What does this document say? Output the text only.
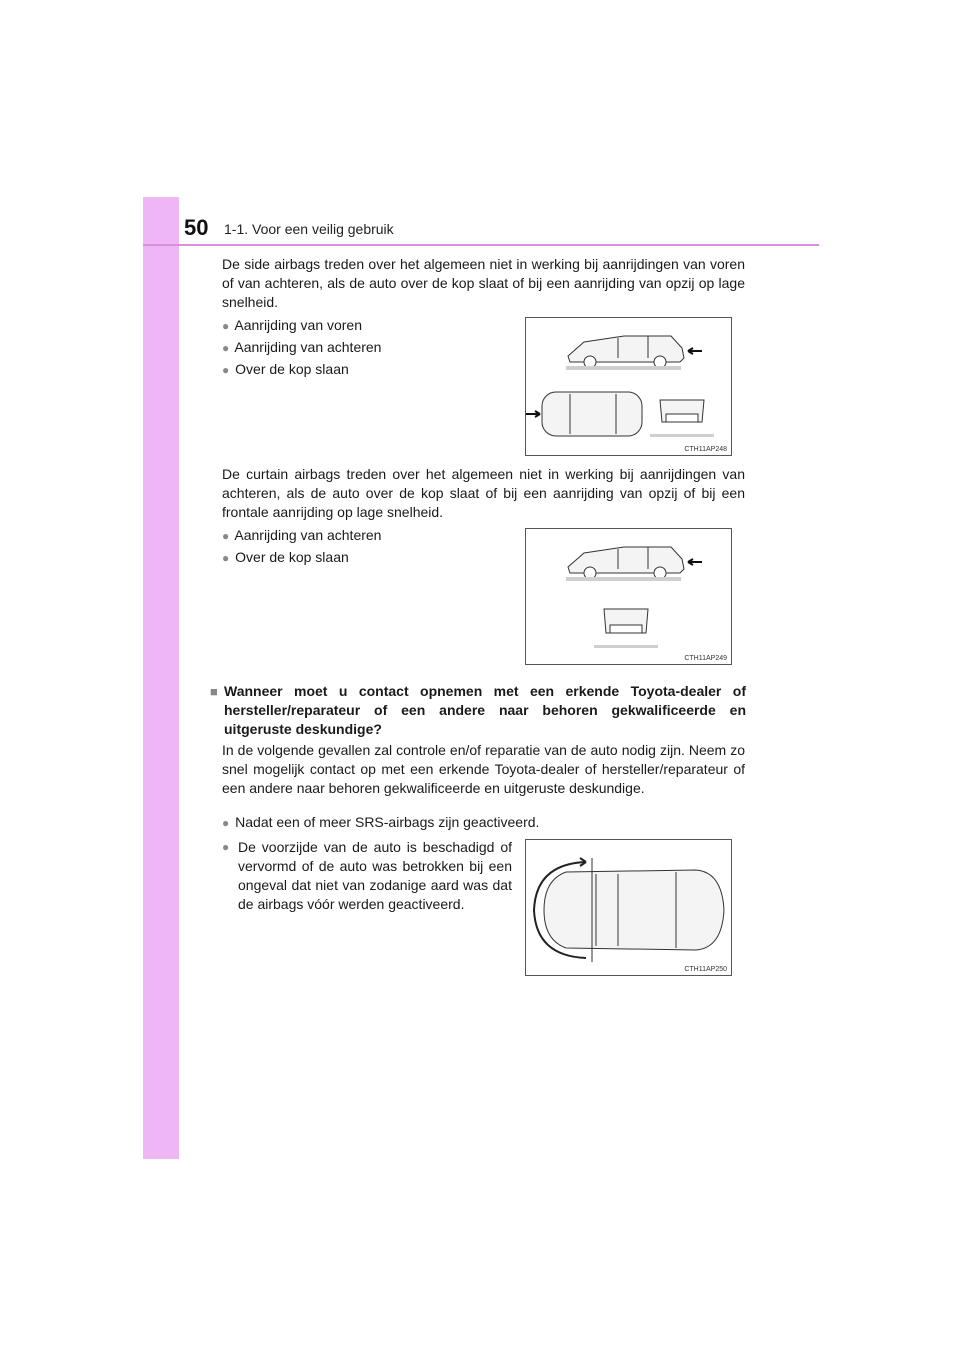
50 1-1. Voor een veilig gebruik

De side airbags treden over het algemeen niet in werking bij aanrijdingen van voren of van achteren, als de auto over de kop slaat of bij een aanrijding van opzij op lage snelheid.

● Aanrijding van voren
● Aanrijding van achteren
● Over de kop slaan
CTH11AP248

De curtain airbags treden over het algemeen niet in werking bij aanrijdingen van achteren, als de auto over de kop slaat of bij een aanrijding van opzij of bij een frontale aanrijding op lage snelheid.

● Aanrijding van achteren
● Over de kop slaan
CTH11AP249
■ Wanneer moet u contact opnemen met een erkende Toyota-dealer of hersteller/reparateur of een andere naar behoren gekwalificeerde en uitgeruste deskundige?

In de volgende gevallen zal controle en/of reparatie van de auto nodig zijn. Neem zo snel mogelijk contact op met een erkende Toyota-dealer of hersteller/reparateur of een andere naar behoren gekwalificeerde en uitgeruste deskundige.

● Nadat een of meer SRS-airbags zijn geactiveerd.
● De voorzijde van de auto is beschadigd of vervormd of de auto was betrokken bij een ongeval dat niet van zodanige aard was dat de airbags vóór werden geactiveerd.
CTH11AP250
